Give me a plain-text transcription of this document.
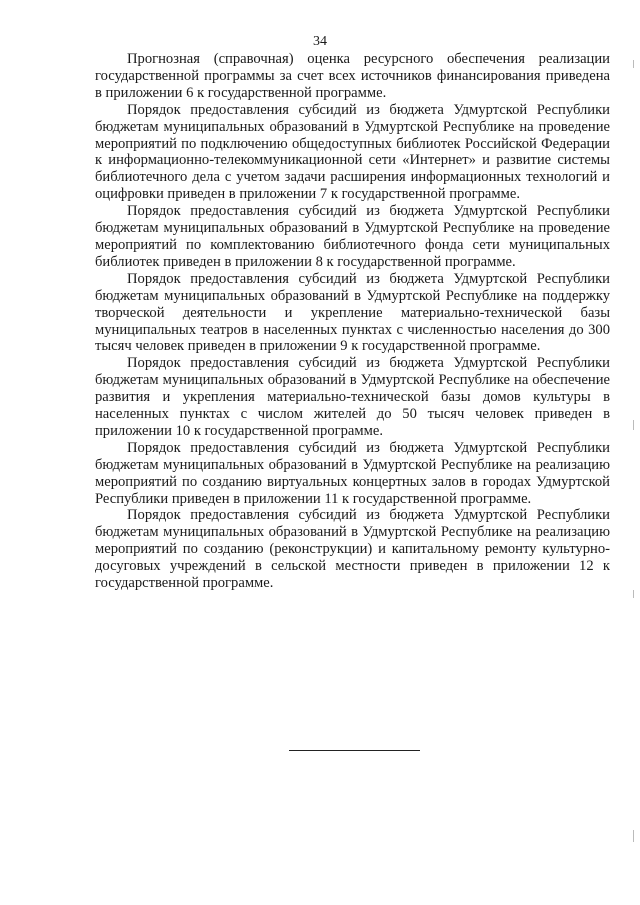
34

Прогнозная (справочная) оценка ресурсного обеспечения реализации государственной программы за счет всех источников финансирования приведена в приложении 6 к государственной программе.

Порядок предоставления субсидий из бюджета Удмуртской Республики бюджетам муниципальных образований в Удмуртской Республике на проведение мероприятий по подключению общедоступных библиотек Российской Федерации к информационно-телекоммуникационной сети «Интернет» и развитие системы библиотечного дела с учетом задачи расширения информационных технологий и оцифровки приведен в приложении 7 к государственной программе.

Порядок предоставления субсидий из бюджета Удмуртской Республики бюджетам муниципальных образований в Удмуртской Республике на проведение мероприятий по комплектованию библиотечного фонда сети муниципальных библиотек приведен в приложении 8 к государственной программе.

Порядок предоставления субсидий из бюджета Удмуртской Республики бюджетам муниципальных образований в Удмуртской Республике на поддержку творческой деятельности и укрепление материально-технической базы муниципальных театров в населенных пунктах с численностью населения до 300 тысяч человек приведен в приложении 9 к государственной программе.

Порядок предоставления субсидий из бюджета Удмуртской Республики бюджетам муниципальных образований в Удмуртской Республике на обеспечение развития и укрепления материально-технической базы домов культуры в населенных пунктах с числом жителей до 50 тысяч человек приведен в приложении 10 к государственной программе.

Порядок предоставления субсидий из бюджета Удмуртской Республики бюджетам муниципальных образований в Удмуртской Республике на реализацию мероприятий по созданию виртуальных концертных залов в городах Удмуртской Республики приведен в приложении 11 к государственной программе.

Порядок предоставления субсидий из бюджета Удмуртской Республики бюджетам муниципальных образований в Удмуртской Республике на реализацию мероприятий по созданию (реконструкции) и капитальному ремонту культурно-досуговых учреждений в сельской местности приведен в приложении 12 к государственной программе.
